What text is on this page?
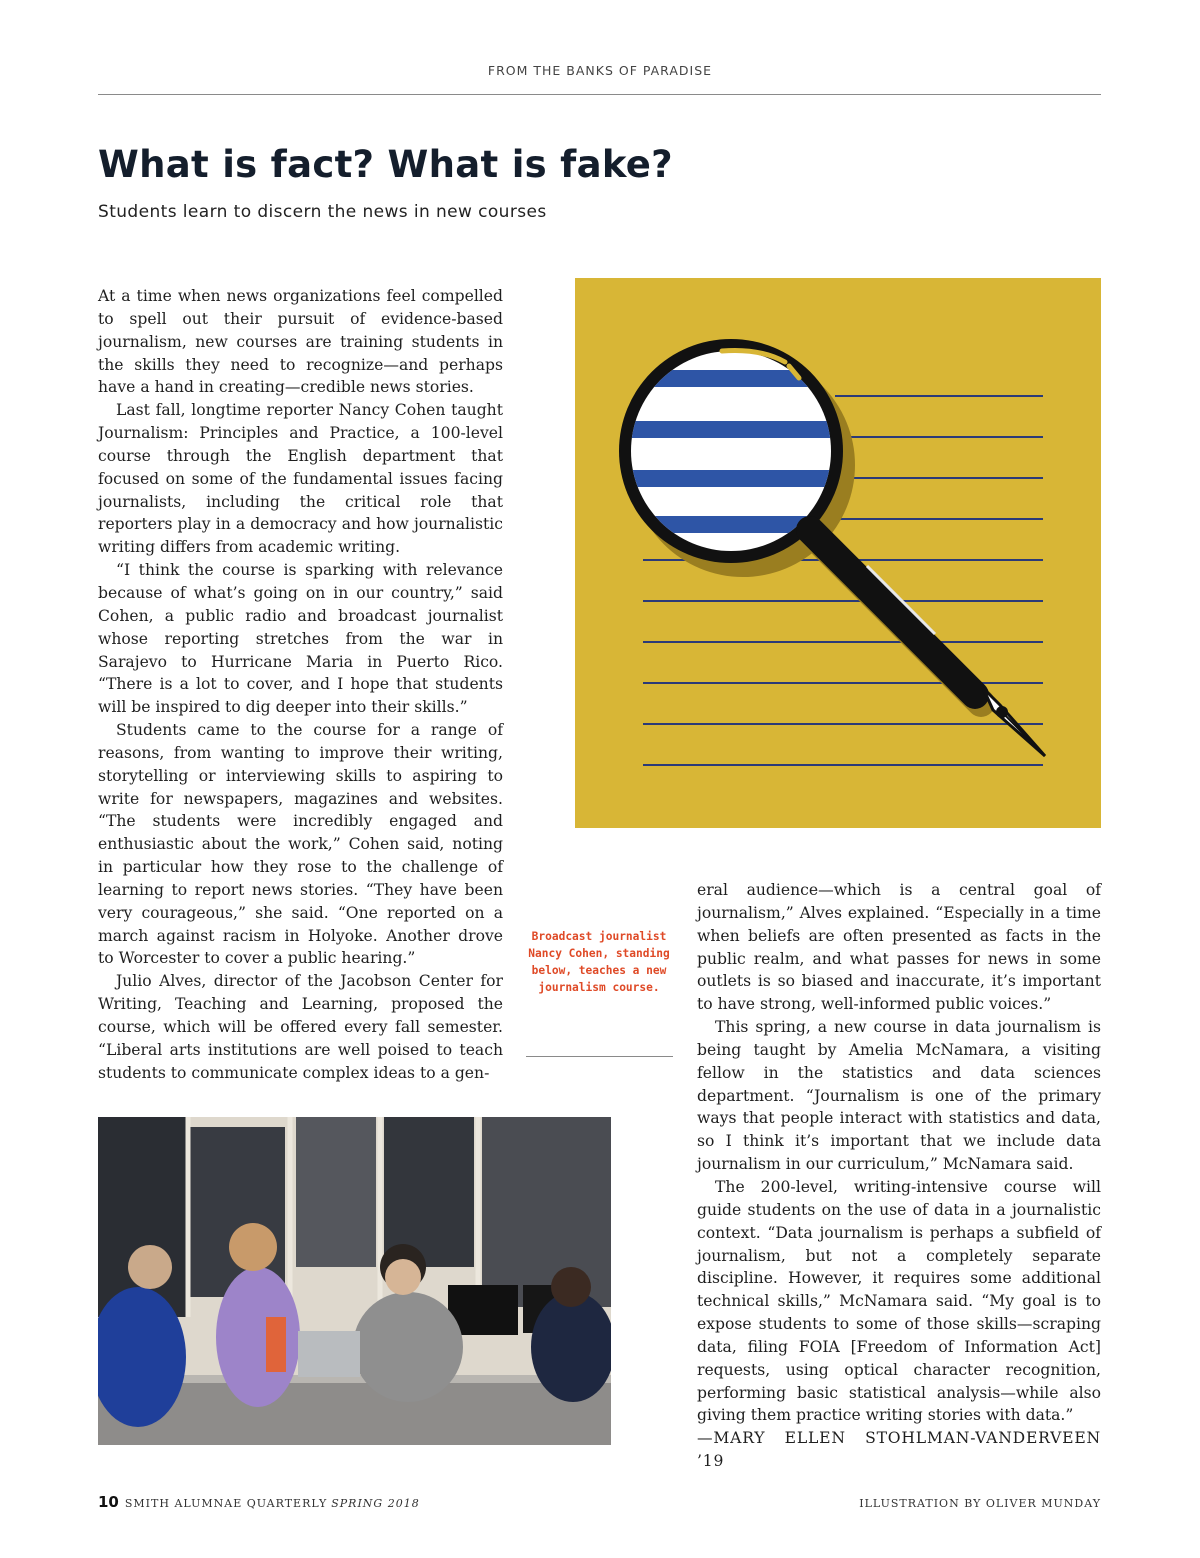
FROM THE BANKS OF PARADISE
What is fact? What is fake?

Students learn to discern the news in new courses

At a time when news organizations feel compelled to spell out their pursuit of evidence-based journalism, new courses are training students in the skills they need to recognize—and perhaps have a hand in creating—credible news stories.

Last fall, longtime reporter Nancy Cohen taught Journalism: Principles and Practice, a 100-level course through the English department that focused on some of the fundamental issues facing journalists, including the critical role that reporters play in a democracy and how journalistic writing differs from academic writing.

“I think the course is sparking with relevance because of what’s going on in our country,” said Cohen, a public radio and broadcast journalist whose reporting stretches from the war in Sarajevo to Hurricane Maria in Puerto Rico. “There is a lot to cover, and I hope that students will be inspired to dig deeper into their skills.”

Students came to the course for a range of reasons, from wanting to improve their writing, storytelling or interviewing skills to aspiring to write for newspapers, magazines and websites. “The students were incredibly engaged and enthusiastic about the work,” Cohen said, noting in particular how they rose to the challenge of learning to report news stories. “They have been very courageous,” she said. “One reported on a march against racism in Holyoke. Another drove to Worcester to cover a public hearing.”

Julio Alves, director of the Jacobson Center for Writing, Teaching and Learning, proposed the course, which will be offered every fall semester. “Liberal arts institutions are well poised to teach students to communicate complex ideas to a gen-

Broadcast journalist Nancy Cohen, standing below, teaches a new journalism course.

eral audience—which is a central goal of journalism,” Alves explained. “Especially in a time when beliefs are often presented as facts in the public realm, and what passes for news in some outlets is so biased and inaccurate, it’s important to have strong, well-informed public voices.”

This spring, a new course in data journalism is being taught by Amelia McNamara, a visiting fellow in the statistics and data sciences department. “Journalism is one of the primary ways that people interact with statistics and data, so I think it’s important that we include data journalism in our curriculum,” McNamara said.

The 200-level, writing-intensive course will guide students on the use of data in a journalistic context. “Data journalism is perhaps a subfield of journalism, but not a completely separate discipline. However, it requires some additional technical skills,” McNamara said. “My goal is to expose students to some of those skills—scraping data, filing FOIA [Freedom of Information Act] requests, using optical character recognition, performing basic statistical analysis—while also giving them practice writing stories with data.”

—MARY ELLEN STOHLMAN-VANDERVEEN ’19
10 SMITH ALUMNAE QUARTERLY SPRING 2018	ILLUSTRATION BY OLIVER MUNDAY
